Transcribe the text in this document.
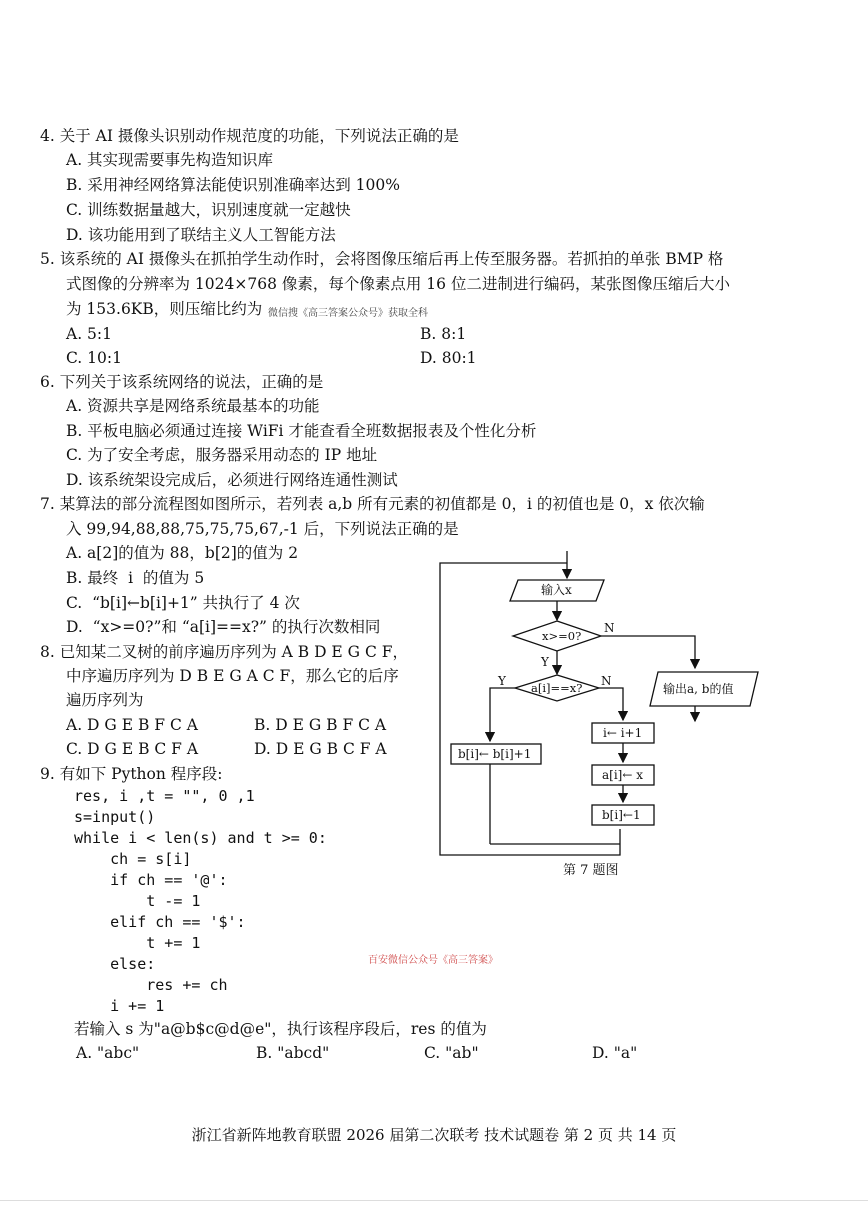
4. 关于 AI 摄像头识别动作规范度的功能，下列说法正确的是
A. 其实现需要事先构造知识库
B. 采用神经网络算法能使识别准确率达到 100%
C. 训练数据量越大，识别速度就一定越快
D. 该功能用到了联结主义人工智能方法
5. 该系统的 AI 摄像头在抓拍学生动作时，会将图像压缩后再上传至服务器。若抓拍的单张 BMP 格
式图像的分辨率为 1024×768 像素，每个像素点用 16 位二进制进行编码，某张图像压缩后大小
为 153.6KB，则压缩比约为 微信搜《高三答案公众号》获取全科
A. 5:1	B. 8:1
C. 10:1	D. 80:1
6. 下列关于该系统网络的说法，正确的是
A. 资源共享是网络系统最基本的功能
B. 平板电脑必须通过连接 WiFi 才能查看全班数据报表及个性化分析
C. 为了安全考虑，服务器采用动态的 IP 地址
D. 该系统架设完成后，必须进行网络连通性测试
7. 某算法的部分流程图如图所示，若列表 a,b 所有元素的初值都是 0，i 的初值也是 0，x 依次输
入 99,94,88,88,75,75,75,67,-1 后，下列说法正确的是
A. a[2]的值为 88，b[2]的值为 2
B. 最终  i  的值为 5
C.  “b[i]←b[i]+1” 共执行了 4 次
D.  “x>=0?”和 “a[i]==x?” 的执行次数相同
8. 已知某二叉树的前序遍历序列为 A B D E G C F，
中序遍历序列为 D B E G A C F，那么它的后序
遍历序列为
A. D G E B F C A	B. D E G B F C A
C. D G E B C F A	D. D E G B C F A
9. 有如下 Python 程序段:
res, i ,t = "", 0 ,1
s=input()
while i < len(s) and t >= 0:
ch = s[i]
if ch == '@':
t -= 1
elif ch == '$':
t += 1
else:
res += ch
i += 1
百安微信公众号《高三答案》
若输入 s 为"a@b$c@d@e"，执行该程序段后，res 的值为
A. "abc"	B. "abcd"	C. "ab"	D. "a"
输入x
x>=0?
N
Y
a[i]==x?
Y	N
输出a, b的值
b[i]← b[i]+1
i← i+1
a[i]← x
b[i]←1
第 7 题图
浙江省新阵地教育联盟 2026 届第二次联考 技术试题卷 第 2 页 共 14 页
